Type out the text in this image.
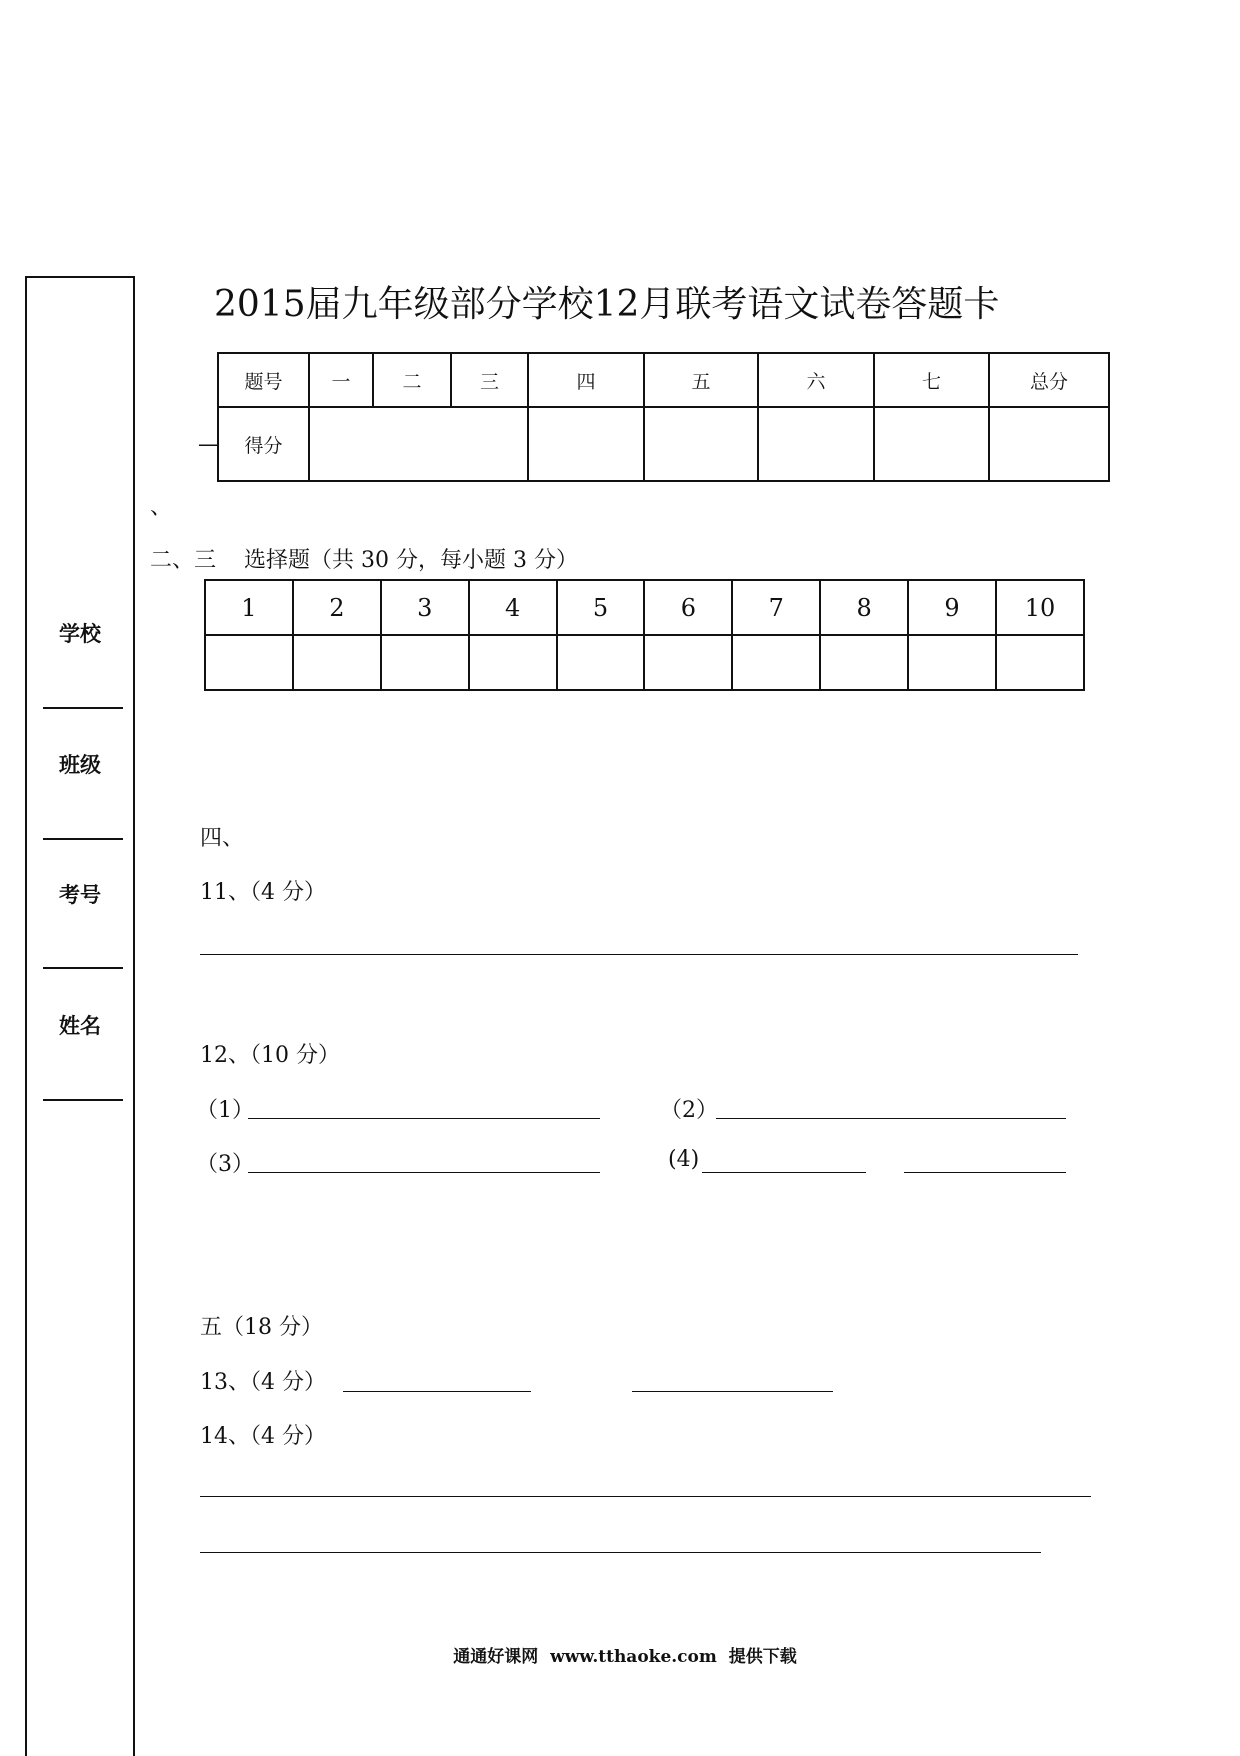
学校
班级
考号
姓名
2015届九年级部分学校12月联考语文试卷答题卡
题号	一	二	三	四	五	六	七	总分
得分								
—
、
二、三    选择题（共 30 分，每小题 3 分）
1	2	3	4	5	6	7	8	9	10

四、
11、（4 分）
12、（10 分）
（1）	（2）
（3）	(4)
五（18 分）
13、（4 分）
14、（4 分）
通通好课网  www.tthaoke.com  提供下载
